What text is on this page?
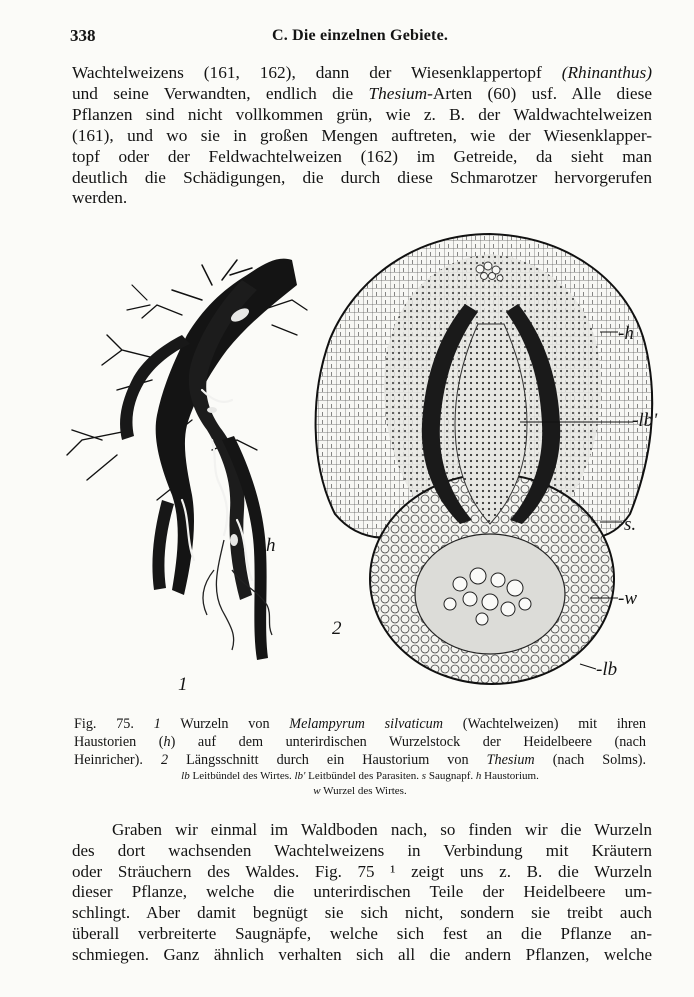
338	C. Die einzelnen Gebiete.
Wachtelweizens (161, 162), dann der Wiesenklappertopf (Rhinanthus)
und seine Verwandten, endlich die Thesium-Arten (60) usf. Alle diese
Pflanzen sind nicht vollkommen grün, wie z. B. der Waldwachtelweizen
(161), und wo sie in großen Mengen auftreten, wie der Wiesenklapper-
topf oder der Feldwachtelweizen (162) im Getreide, da sieht man
deutlich die Schädigungen, die durch diese Schmarotzer hervorgerufen
werden.
-h
-lb'
s.
-w
-lb
h
1
2
Fig. 75. 1 Wurzeln von Melampyrum silvaticum (Wachtelweizen) mit ihren
Haustorien (h) auf dem unterirdischen Wurzelstock der Heidelbeere (nach
Heinricher). 2 Längsschnitt durch ein Haustorium von Thesium (nach Solms).
lb Leitbündel des Wirtes. lb' Leitbündel des Parasiten. s Saugnapf. h Haustorium.
w Wurzel des Wirtes.
Graben wir einmal im Waldboden nach, so finden wir die Wurzeln
des dort wachsenden Wachtelweizens in Verbindung mit Kräutern
oder Sträuchern des Waldes. Fig. 75 ¹ zeigt uns z. B. die Wurzeln
dieser Pflanze, welche die unterirdischen Teile der Heidelbeere um-
schlingt. Aber damit begnügt sie sich nicht, sondern sie treibt auch
überall verbreiterte Saugnäpfe, welche sich fest an die Pflanze an-
schmiegen. Ganz ähnlich verhalten sich all die andern Pflanzen, welche
